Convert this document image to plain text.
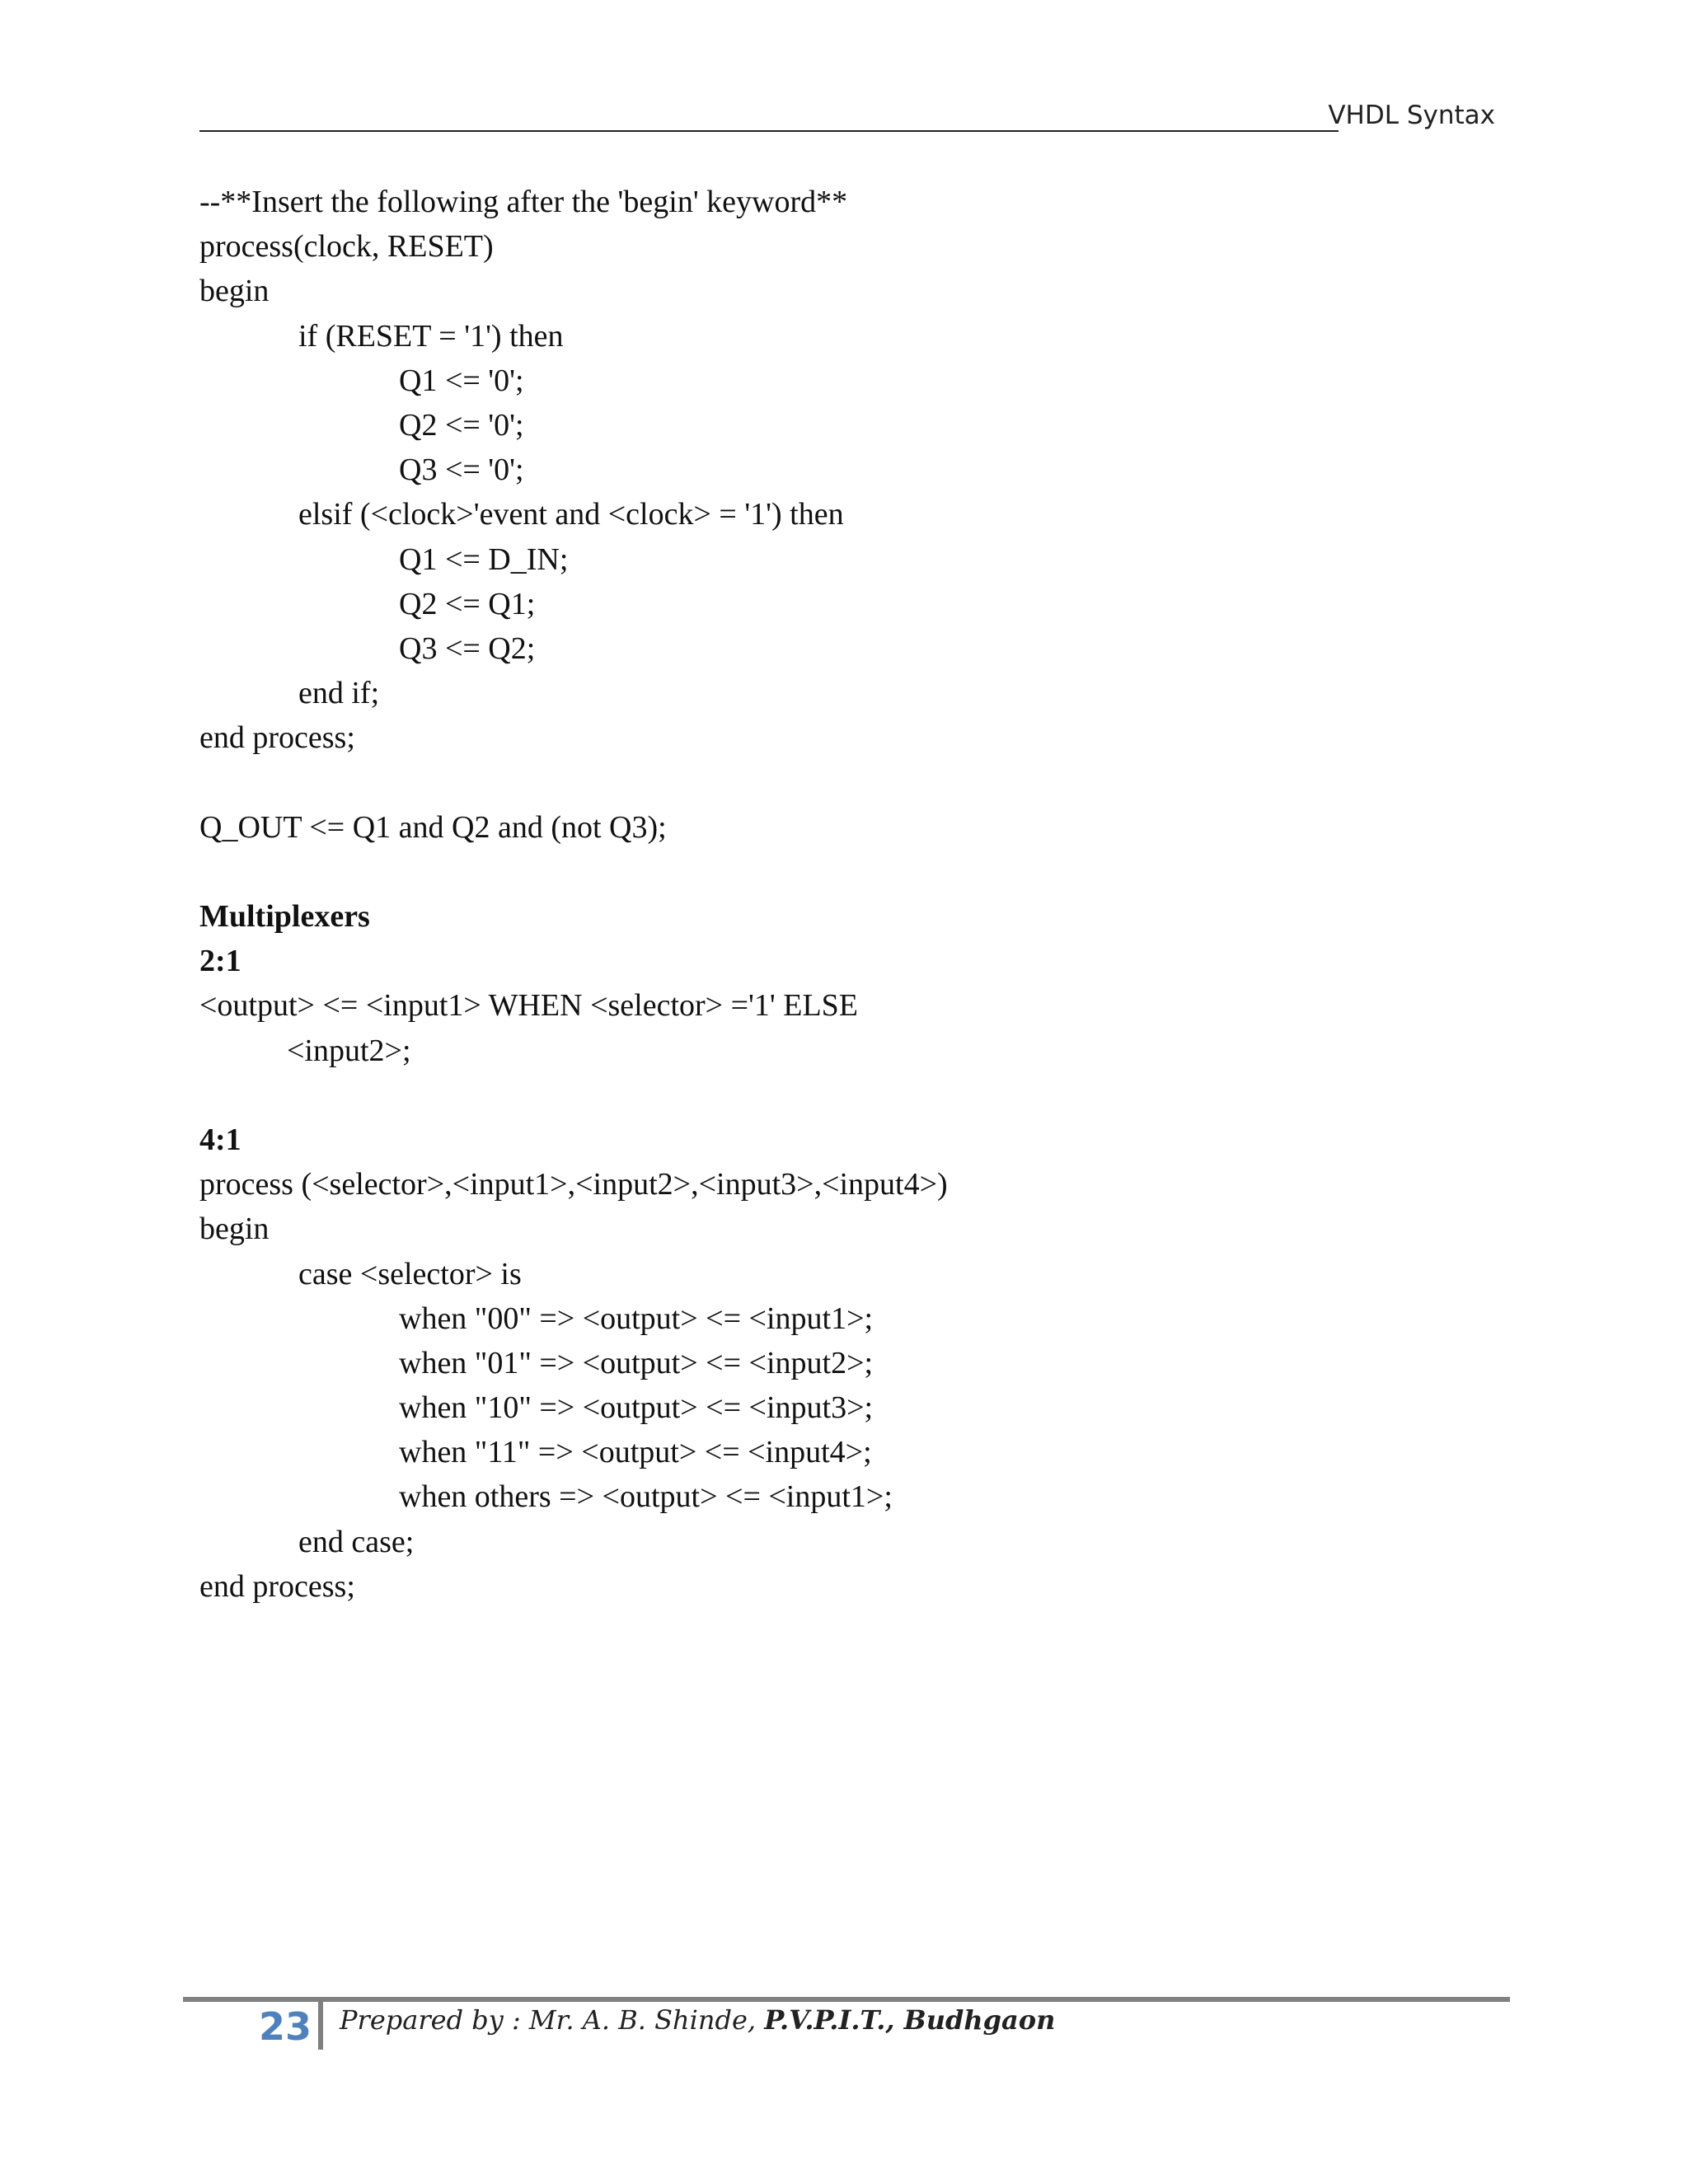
VHDL Syntax
--**Insert the following after the 'begin' keyword**
process(clock, RESET)
begin
if (RESET = '1') then
Q1 <= '0';
Q2 <= '0';
Q3 <= '0';
elsif (<clock>'event and <clock> = '1') then
Q1 <= D_IN;
Q2 <= Q1;
Q3 <= Q2;
end if;
end process;
Q_OUT <= Q1 and Q2 and (not Q3);
Multiplexers
2:1
<output> <= <input1> WHEN <selector> ='1' ELSE
<input2>;
4:1
process (<selector>,<input1>,<input2>,<input3>,<input4>)
begin
case <selector> is
when "00" => <output> <= <input1>;
when "01" => <output> <= <input2>;
when "10" => <output> <= <input3>;
when "11" => <output> <= <input4>;
when others => <output> <= <input1>;
end case;
end process;
23 Prepared by : Mr. A. B. Shinde, P.V.P.I.T., Budhgaon
